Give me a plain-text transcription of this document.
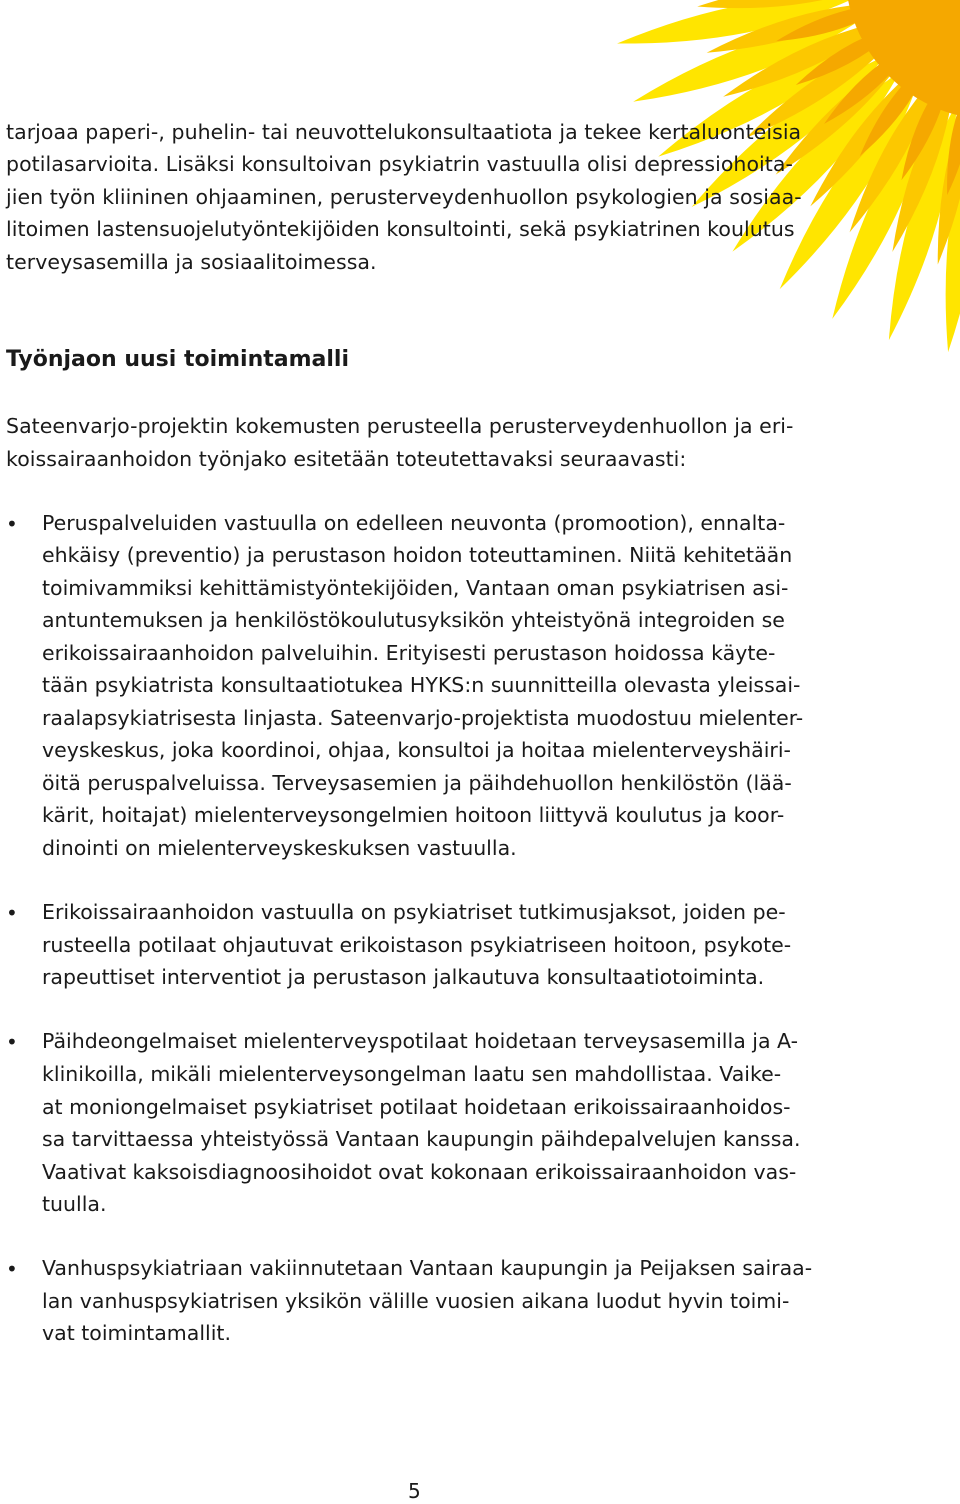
tarjoaa paperi-, puhelin- tai neuvottelukonsultaatiota ja tekee kertaluonteisia
potilasarvioita. Lisäksi konsultoivan psykiatrin vastuulla olisi depressiohoita-
jien työn kliininen ohjaaminen, perusterveydenhuollon psykologien ja sosiaa-
litoimen lastensuojelutyöntekijöiden konsultointi, sekä psykiatrinen koulutus
terveysasemilla ja sosiaalitoimessa.
Työnjaon uusi toimintamalli
Sateenvarjo-projektin kokemusten perusteella perusterveydenhuollon ja eri-
koissairaanhoidon työnjako esitetään toteutettavaksi seuraavasti:
• Peruspalveluiden vastuulla on edelleen neuvonta (promootion), ennalta-
ehkäisy (preventio) ja perustason hoidon toteuttaminen. Niitä kehitetään
toimivammiksi kehittämistyöntekijöiden, Vantaan oman psykiatrisen asi-
antuntemuksen ja henkilöstökoulutusyksikön yhteistyönä integroiden se
erikoissairaanhoidon palveluihin. Erityisesti perustason hoidossa käyte-
tään psykiatrista konsultaatiotukea HYKS:n suunnitteilla olevasta yleissai-
raalapsykiatrisesta linjasta. Sateenvarjo-projektista muodostuu mielenter-
veyskeskus, joka koordinoi, ohjaa, konsultoi ja hoitaa mielenterveyshäiri-
öitä peruspalveluissa. Terveysasemien ja päihdehuollon henkilöstön (lää-
kärit, hoitajat) mielenterveysongelmien hoitoon liittyvä koulutus ja koor-
dinointi on mielenterveyskeskuksen vastuulla.
• Erikoissairaanhoidon vastuulla on psykiatriset tutkimusjaksot, joiden pe-
rusteella potilaat ohjautuvat erikoistason psykiatriseen hoitoon, psykote-
rapeuttiset interventiot ja perustason jalkautuva konsultaatiotoiminta.
• Päihdeongelmaiset mielenterveyspotilaat hoidetaan terveysasemilla ja A-
klinikoilla, mikäli mielenterveysongelman laatu sen mahdollistaa. Vaike-
at moniongelmaiset psykiatriset potilaat hoidetaan erikoissairaanhoidos-
sa tarvittaessa yhteistyössä Vantaan kaupungin päihdepalvelujen kanssa.
Vaativat kaksoisdiagnoosihoidot ovat kokonaan erikoissairaanhoidon vas-
tuulla.
• Vanhuspsykiatriaan vakiinnutetaan Vantaan kaupungin ja Peijaksen sairaa-
lan vanhuspsykiatrisen yksikön välille vuosien aikana luodut hyvin toimi-
vat toimintamallit.
5
